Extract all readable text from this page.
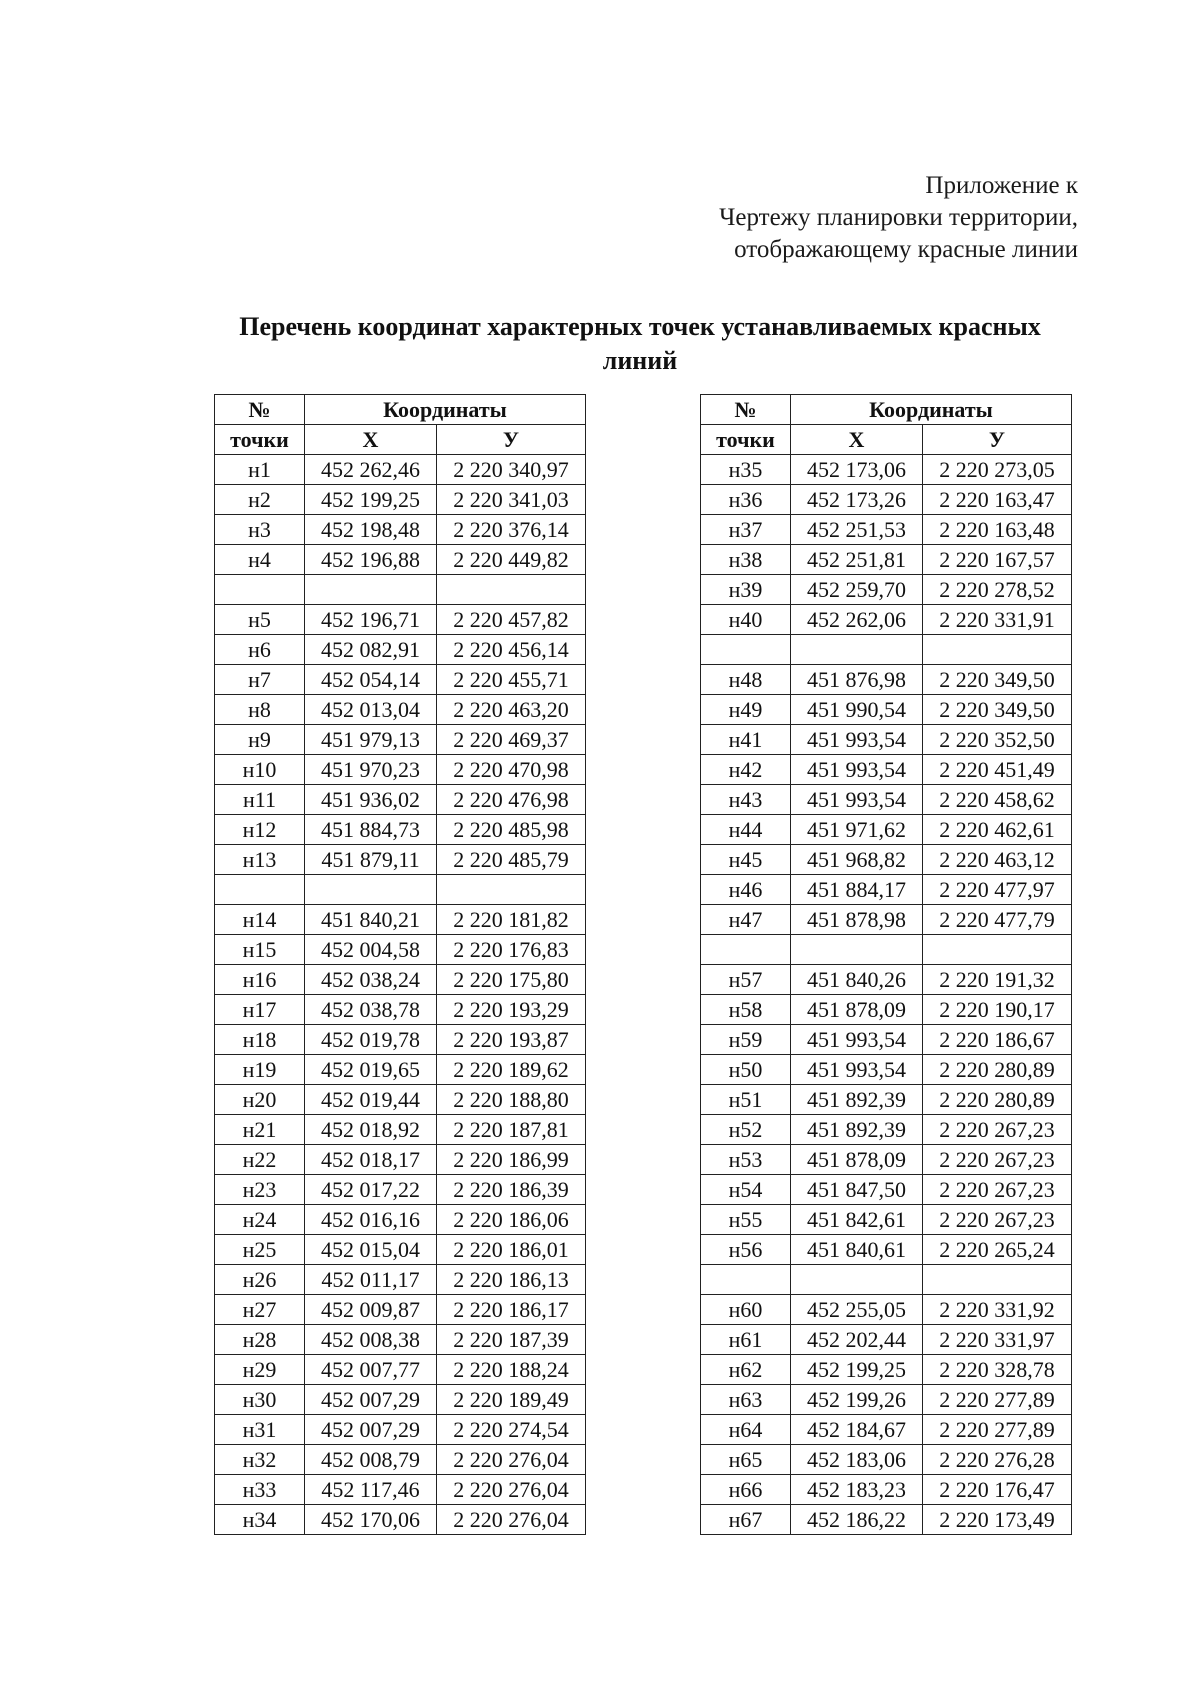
Приложение к
Чертежу планировки территории,
отображающему красные линии
Перечень координат характерных точек устанавливаемых красных
линий
№	Координаты	
точки	Х	У
н1	452 262,46	2 220 340,97
н2	452 199,25	2 220 341,03
н3	452 198,48	2 220 376,14
н4	452 196,88	2 220 449,82

н5	452 196,71	2 220 457,82
н6	452 082,91	2 220 456,14
н7	452 054,14	2 220 455,71
н8	452 013,04	2 220 463,20
н9	451 979,13	2 220 469,37
н10	451 970,23	2 220 470,98
н11	451 936,02	2 220 476,98
н12	451 884,73	2 220 485,98
н13	451 879,11	2 220 485,79

н14	451 840,21	2 220 181,82
н15	452 004,58	2 220 176,83
н16	452 038,24	2 220 175,80
н17	452 038,78	2 220 193,29
н18	452 019,78	2 220 193,87
н19	452 019,65	2 220 189,62
н20	452 019,44	2 220 188,80
н21	452 018,92	2 220 187,81
н22	452 018,17	2 220 186,99
н23	452 017,22	2 220 186,39
н24	452 016,16	2 220 186,06
н25	452 015,04	2 220 186,01
н26	452 011,17	2 220 186,13
н27	452 009,87	2 220 186,17
н28	452 008,38	2 220 187,39
н29	452 007,77	2 220 188,24
н30	452 007,29	2 220 189,49
н31	452 007,29	2 220 274,54
н32	452 008,79	2 220 276,04
н33	452 117,46	2 220 276,04
н34	452 170,06	2 220 276,04
№	Координаты	
точки	Х	У
н35	452 173,06	2 220 273,05
н36	452 173,26	2 220 163,47
н37	452 251,53	2 220 163,48
н38	452 251,81	2 220 167,57
н39	452 259,70	2 220 278,52
н40	452 262,06	2 220 331,91

н48	451 876,98	2 220 349,50
н49	451 990,54	2 220 349,50
н41	451 993,54	2 220 352,50
н42	451 993,54	2 220 451,49
н43	451 993,54	2 220 458,62
н44	451 971,62	2 220 462,61
н45	451 968,82	2 220 463,12
н46	451 884,17	2 220 477,97
н47	451 878,98	2 220 477,79

н57	451 840,26	2 220 191,32
н58	451 878,09	2 220 190,17
н59	451 993,54	2 220 186,67
н50	451 993,54	2 220 280,89
н51	451 892,39	2 220 280,89
н52	451 892,39	2 220 267,23
н53	451 878,09	2 220 267,23
н54	451 847,50	2 220 267,23
н55	451 842,61	2 220 267,23
н56	451 840,61	2 220 265,24

н60	452 255,05	2 220 331,92
н61	452 202,44	2 220 331,97
н62	452 199,25	2 220 328,78
н63	452 199,26	2 220 277,89
н64	452 184,67	2 220 277,89
н65	452 183,06	2 220 276,28
н66	452 183,23	2 220 176,47
н67	452 186,22	2 220 173,49
